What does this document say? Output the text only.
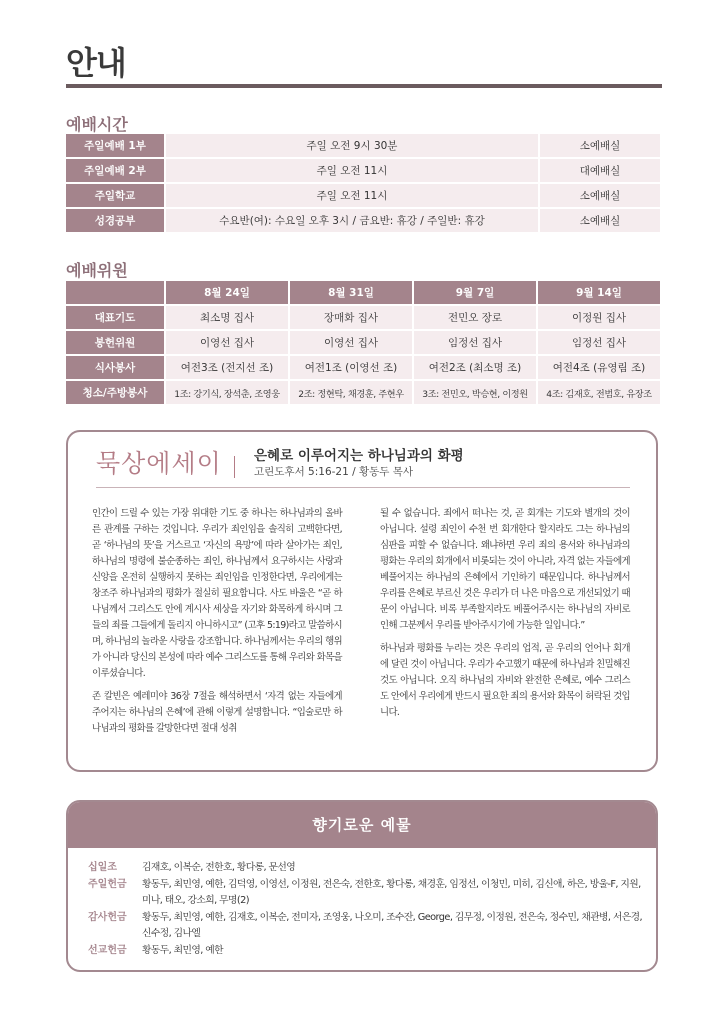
안내
예배시간
주일예배 1부	주일 오전 9시 30분	소예배실
주일예배 2부	주일 오전 11시	대예배실
주일학교	주일 오전 11시	소예배실
성경공부	수요반(여): 수요일 오후 3시 / 금요반: 휴강 / 주일반: 휴강	소예배실
예배위원
	8월 24일	8월 31일	9월 7일	9월 14일
대표기도	최소명 집사	장매화 집사	전민오 장로	이정원 집사
봉헌위원	이영선 집사	이영선 집사	임정선 집사	임정선 집사
식사봉사	여전3조 (전지선 조)	여전1조 (이영선 조)	여전2조 (최소명 조)	여전4조 (유영림 조)
청소/주방봉사	1조: 강기식, 장석춘, 조영웅	2조: 정현탁, 채경훈, 주현우	3조: 전민오, 박승현, 이정원	4조: 김재호, 전범호, 유장조
묵상에세이 은혜로 이루어지는 하나님과의 화평
고린도후서 5:16-21 / 황동두 목사

인간이 드릴 수 있는 가장 위대한 기도 중 하나는 하나님과의 올바른 관계를 구하는 것입니다. 우리가 죄인임을 솔직히 고백한다면, 곧 ‘하나님의 뜻’을 거스르고 ‘자신의 욕망’에 따라 살아가는 죄인, 하나님의 명령에 불순종하는 죄인, 하나님께서 요구하시는 사랑과 신앙을 온전히 실행하지 못하는 죄인임을 인정한다면, 우리에게는 창조주 하나님과의 평화가 절실히 필요합니다. 사도 바울은 “곧 하나님께서 그리스도 안에 계시사 세상을 자기와 화목하게 하시며 그들의 죄를 그들에게 돌리지 아니하시고” (고후 5:19)라고 말씀하시며, 하나님의 놀라운 사랑을 강조합니다. 하나님께서는 우리의 행위가 아니라 당신의 본성에 따라 예수 그리스도를 통해 우리와 화목을 이루셨습니다.

존 칼빈은 예레미야 36장 7절을 해석하면서 ‘자격 없는 자들에게 주어지는 하나님의 은혜’에 관해 이렇게 설명합니다. “입술로만 하나님과의 평화를 갈망한다면 절대 성취

될 수 없습니다. 죄에서 떠나는 것, 곧 회개는 기도와 별개의 것이 아닙니다. 설령 죄인이 수천 번 회개한다 할지라도 그는 하나님의 심판을 피할 수 없습니다. 왜냐하면 우리 죄의 용서와 하나님과의 평화는 우리의 회개에서 비롯되는 것이 아니라, 자격 없는 자들에게 베풀어지는 하나님의 은혜에서 기인하기 때문입니다. 하나님께서 우리를 은혜로 부르신 것은 우리가 더 나은 마음으로 개선되었기 때문이 아닙니다. 비록 부족할지라도 베풀어주시는 하나님의 자비로 인해 그분께서 우리를 받아주시기에 가능한 일입니다.”

하나님과 평화를 누리는 것은 우리의 업적, 곧 우리의 언어나 회개에 달린 것이 아닙니다. 우리가 수고했기 때문에 하나님과 친밀해진 것도 아닙니다. 오직 하나님의 자비와 완전한 은혜로, 예수 그리스도 안에서 우리에게 반드시 필요한 죄의 용서와 화목이 허락된 것입니다.

향기로운 예물
십일조	김재호, 이복순, 전한호, 황다롱, 문선영
주일헌금	황동두, 최민영, 예한, 김덕영, 이영선, 이정원, 전은숙, 전한호, 황다롱, 채경훈, 임정선, 이청민, 미히, 김신애, 하은, 방울-F, 지원, 미나, 태오, 강소희, 무명(2)
감사헌금	황동두, 최민영, 예한, 김재호, 이복순, 전미자, 조영웅, 나오미, 조수잔, George, 김무정, 이정원, 전은숙, 정수민, 채관병, 서은경, 신수정, 김나엘
선교헌금	황동두, 최민영, 예한
